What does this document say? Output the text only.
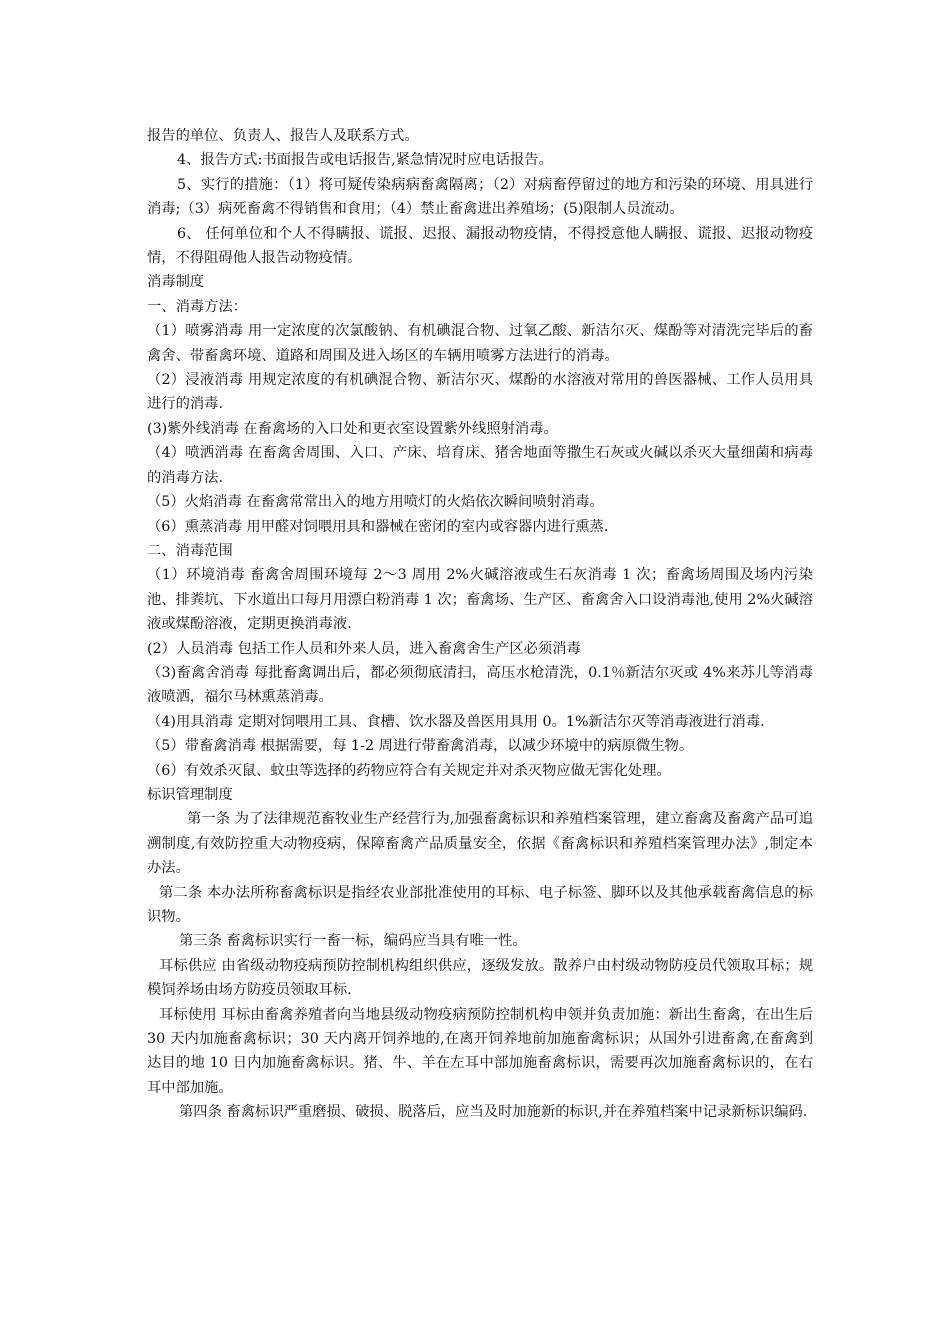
报告的单位、负责人、报告人及联系方式。

4、报告方式:书面报告或电话报告,紧急情况时应电话报告。

5、实行的措施：（1）将可疑传染病病畜禽隔离；（2）对病畜停留过的地方和污染的环境、用具进行消毒;（3）病死畜禽不得销售和食用；（4）禁止畜禽进出养殖场；(5)限制人员流动。

6、 任何单位和个人不得瞒报、谎报、迟报、漏报动物疫情，不得授意他人瞒报、谎报、迟报动物疫情，不得阻碍他人报告动物疫情。

消毒制度

一、消毒方法：

（1）喷雾消毒 用一定浓度的次氯酸钠、有机碘混合物、过氧乙酸、新洁尔灭、煤酚等对清洗完毕后的畜禽舍、带畜禽环境、道路和周围及进入场区的车辆用喷雾方法进行的消毒。

（2）浸液消毒 用规定浓度的有机碘混合物、新洁尔灭、煤酚的水溶液对常用的兽医器械、工作人员用具进行的消毒.

(3)紫外线消毒 在畜禽场的入口处和更衣室设置紫外线照射消毒。

（4）喷洒消毒 在畜禽舍周围、入口、产床、培育床、猪舍地面等撒生石灰或火碱以杀灭大量细菌和病毒的消毒方法.

（5）火焰消毒 在畜禽常常出入的地方用喷灯的火焰依次瞬间喷射消毒。

（6）熏蒸消毒 用甲醛对饲喂用具和器械在密闭的室内或容器内进行熏蒸.

二、消毒范围

（1）环境消毒 畜禽舍周围环境每 2～3 周用 2%火碱溶液或生石灰消毒 1 次；畜禽场周围及场内污染池、排粪坑、下水道出口每月用漂白粉消毒 1 次；畜禽场、生产区、畜禽舍入口设消毒池,使用 2%火碱溶液或煤酚溶液，定期更换消毒液.

(2）人员消毒 包括工作人员和外来人员，进入畜禽舍生产区必须消毒

（3)畜禽舍消毒 每批畜禽调出后，都必须彻底清扫，高压水枪清洗，0.1％新洁尔灭或 4%来苏儿等消毒液喷洒，福尔马林熏蒸消毒。

（4)用具消毒 定期对饲喂用工具、食槽、饮水器及兽医用具用 0。1%新洁尔灭等消毒液进行消毒.

（5）带畜禽消毒 根据需要，每 1-2 周进行带畜禽消毒，以减少环境中的病原微生物。

（6）有效杀灭鼠、蚊虫等选择的药物应符合有关规定并对杀灭物应做无害化处理。

标识管理制度

第一条 为了法律规范畜牧业生产经营行为,加强畜禽标识和养殖档案管理，建立畜禽及畜禽产品可追溯制度,有效防控重大动物疫病，保障畜禽产品质量安全，依据《畜禽标识和养殖档案管理办法》,制定本办法。

第二条 本办法所称畜禽标识是指经农业部批准使用的耳标、电子标签、脚环以及其他承载畜禽信息的标识物。

第三条 畜禽标识实行一畜一标，编码应当具有唯一性。

耳标供应 由省级动物疫病预防控制机构组织供应，逐级发放。散养户由村级动物防疫员代领取耳标；规模饲养场由场方防疫员领取耳标.

耳标使用 耳标由畜禽养殖者向当地县级动物疫病预防控制机构申领并负责加施：新出生畜禽，在出生后 30 天内加施畜禽标识；30 天内离开饲养地的,在离开饲养地前加施畜禽标识；从国外引进畜禽,在畜禽到达目的地 10 日内加施畜禽标识。猪、牛、羊在左耳中部加施畜禽标识，需要再次加施畜禽标识的，在右耳中部加施。

第四条 畜禽标识严重磨损、破损、脱落后，应当及时加施新的标识,并在养殖档案中记录新标识编码.
